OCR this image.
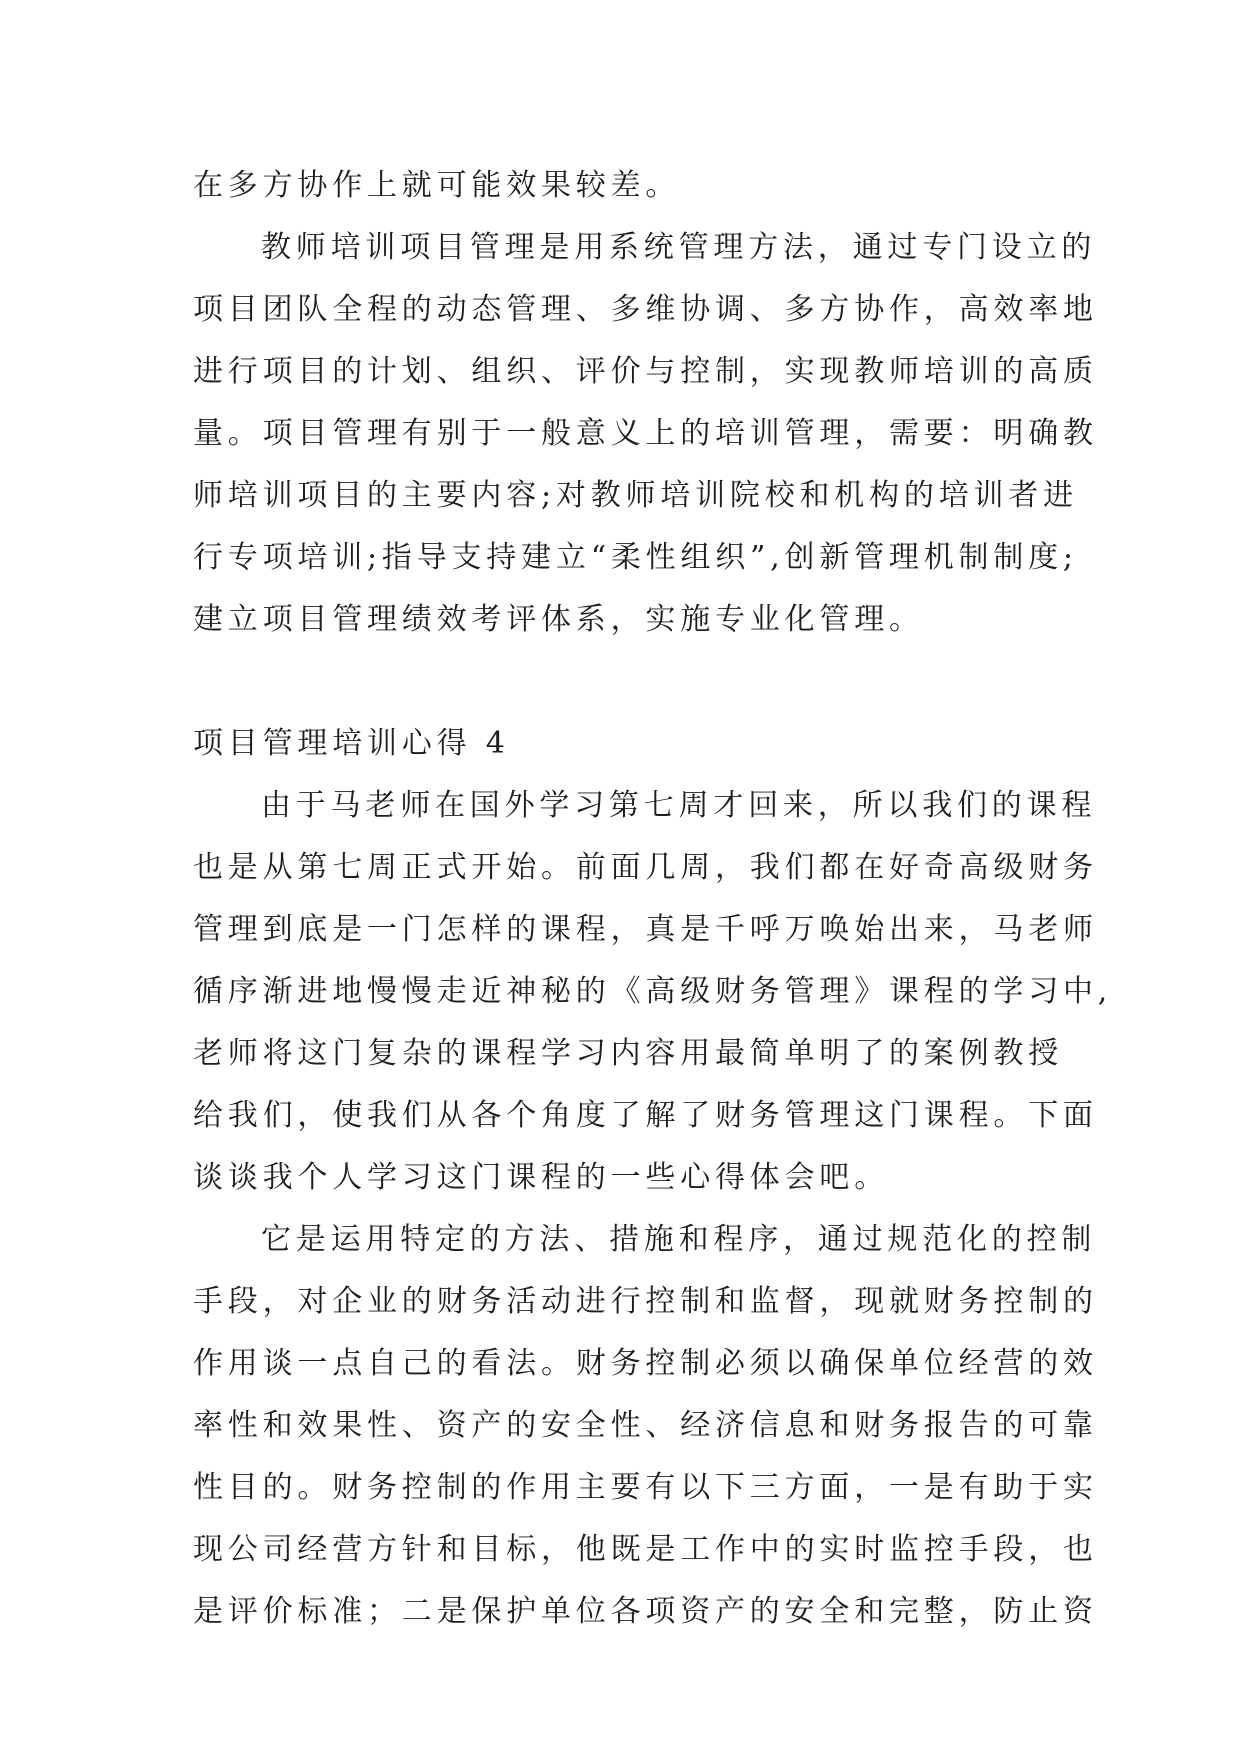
在多方协作上就可能效果较差。
教师培训项目管理是用系统管理方法，通过专门设立的
项目团队全程的动态管理、多维协调、多方协作，高效率地
进行项目的计划、组织、评价与控制，实现教师培训的高质
量。项目管理有别于一般意义上的培训管理，需要：明确教
师培训项目的主要内容;对教师培训院校和机构的培训者进
行专项培训;指导支持建立“柔性组织”,创新管理机制制度;
建立项目管理绩效考评体系，实施专业化管理。
项目管理培训心得 4
由于马老师在国外学习第七周才回来，所以我们的课程
也是从第七周正式开始。前面几周，我们都在好奇高级财务
管理到底是一门怎样的课程，真是千呼万唤始出来，马老师
循序渐进地慢慢走近神秘的《高级财务管理》课程的学习中,
老师将这门复杂的课程学习内容用最简单明了的案例教授
给我们，使我们从各个角度了解了财务管理这门课程。下面
谈谈我个人学习这门课程的一些心得体会吧。
它是运用特定的方法、措施和程序，通过规范化的控制
手段，对企业的财务活动进行控制和监督，现就财务控制的
作用谈一点自己的看法。财务控制必须以确保单位经营的效
率性和效果性、资产的安全性、经济信息和财务报告的可靠
性目的。财务控制的作用主要有以下三方面，一是有助于实
现公司经营方针和目标，他既是工作中的实时监控手段，也
是评价标准；二是保护单位各项资产的安全和完整，防止资
